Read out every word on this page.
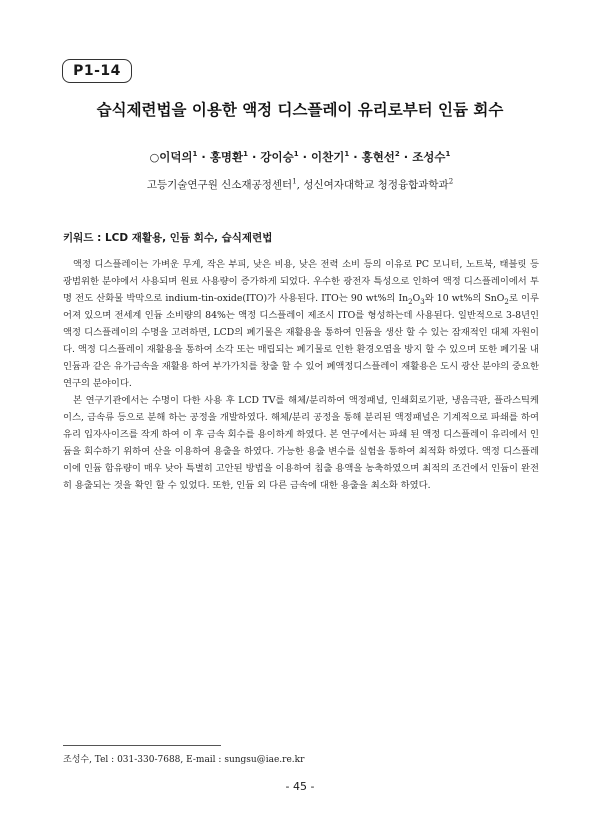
P1-14
습식제련법을 이용한 액정 디스플레이 유리로부터 인듐 회수
○이덕의$^1$ · 홍명환$^1$ · 강이승$^1$ · 이찬기$^1$ · 홍현선$^2$ · 조성수$^1$
고등기술연구원 신소재공정센터$^1$, 성신여자대학교 청정융합과학과$^2$
키워드 : LCD 재활용, 인듐 회수, 습식제련법

액정 디스플레이는 가벼운 무게, 작은 부피, 낮은 비용, 낮은 전력 소비 등의 이유로 PC 모니터, 노트북, 태블릿 등 광범위한 분야에서 사용되며 원료 사용량이 증가하게 되었다. 우수한 광전자 특성으로 인하여 액정 디스플레이에서 투명 전도 산화물 박막으로 indium-tin-oxide(ITO)가 사용된다. ITO는 90 wt%의 $In_2O_3$와 10 wt%의 SnO$_2$로 이루어져 있으며 전세계 인듐 소비량의 84%는 액정 디스플레이 제조시 ITO를 형성하는데 사용된다. 일반적으로 3-8년인 액정 디스플레이의 수명을 고려하면, LCD의 폐기물은 재활용을 통하여 인듐을 생산 할 수 있는 잠재적인 대체 자원이다. 액정 디스플레이 재활용을 통하여 소각 또는 매립되는 폐기물로 인한 환경오염을 방지 할 수 있으며 또한 폐기물 내 인듐과 같은 유가금속을 재활용 하여 부가가치를 창출 할 수 있어 폐액정디스플레이 재활용은 도시 광산 분야의 중요한 연구의 분야이다.

본 연구기관에서는 수명이 다한 사용 후 LCD TV를 해체/분리하여 액정패널, 인쇄회로기판, 냉음극판, 플라스틱케이스, 금속류 등으로 분해 하는 공정을 개발하였다. 해체/분리 공정을 통해 분리된 액정패널은 기계적으로 파쇄를 하여 유리 입자사이즈를 작게 하여 이 후 금속 회수를 용이하게 하였다. 본 연구에서는 파쇄 된 액정 디스플레이 유리에서 인듐을 회수하기 위하여 산을 이용하여 용출을 하였다. 가능한 용출 변수를 실험을 통하여 최적화 하였다. 액정 디스플레이에 인듐 함유량이 매우 낮아 특별히 고안된 방법을 이용하여 침출 용액을 농축하였으며 최적의 조건에서 인듐이 완전히 용출되는 것을 확인 할 수 있었다. 또한, 인듐 외 다른 금속에 대한 용출을 최소화 하였다.

조성수, Tel : 031-330-7688, E-mail : sungsu@iae.re.kr
- 45 -
